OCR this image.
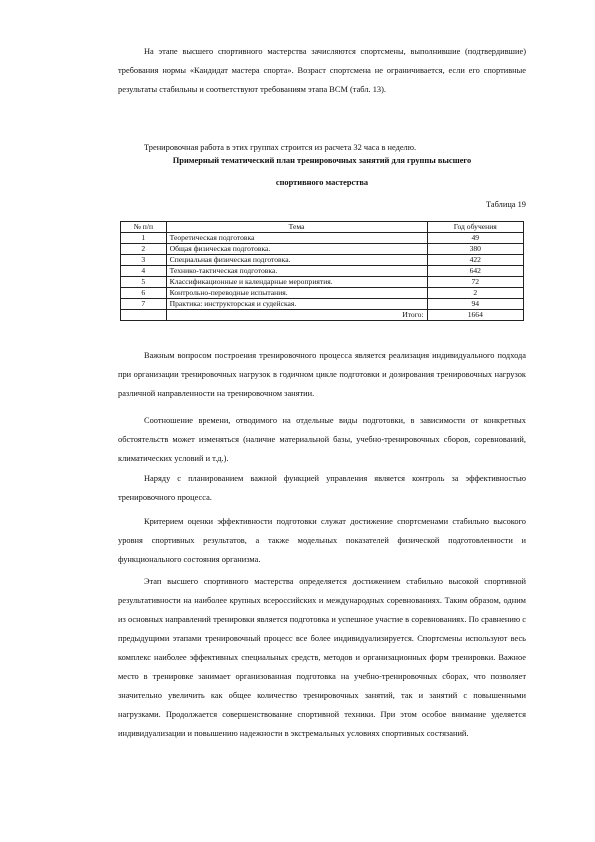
На этапе высшего спортивного мастерства зачисляются спортсмены, выполнившие (подтвердившие) требования нормы «Кандидат мастера спорта». Возраст спортсмена не ограничивается, если его спортивные результаты стабильны и соответствуют требованиям этапа ВСМ (табл. 13).
Тренировочная работа в этих группах строится из расчета 32 часа в неделю.
Примерный тематический план тренировочных занятий для группы высшего
спортивного мастерства
Таблица 19
№ п/п	Тема	Год обучения
1	Теоретическая подготовка	49
2	Общая физическая подготовка.	380
3	Специальная физическая подготовка.	422
4	Технико-тактическая подготовка.	642
5	Классификационные и календарные мероприятия.	72
6	Контрольно-переводные испытания.	2
7	Практика: инструкторская и судейская.	94
	Итого:	1664
Важным вопросом построения тренировочного процесса является реализация индивидуального подхода при организации тренировочных нагрузок в годичном цикле подготовки и дозирования тренировочных нагрузок различной направленности на тренировочном занятии.
Соотношение времени, отводимого на отдельные виды подготовки, в зависимости от конкретных обстоятельств может изменяться (наличие материальной базы, учебно-тренировочных сборов, соревнований, климатических условий и т.д.).
Наряду с планированием важной функцией управления является контроль за эффективностью тренировочного процесса.
Критерием оценки эффективности подготовки служат достижение спортсменами стабильно высокого уровня спортивных результатов, а также модельных показателей физической подготовленности и функционального состояния организма.
Этап высшего спортивного мастерства определяется достижением стабильно высокой спортивной результативности на наиболее крупных всероссийских и международных соревнованиях. Таким образом, одним из основных направлений тренировки является подготовка и успешное участие в соревнованиях. По сравнению с предыдущими этапами тренировочный процесс все более индивидуализируется. Спортсмены используют весь комплекс наиболее эффективных специальных средств, методов и организационных форм тренировки. Важное место в тренировке занимает организованная подготовка на учебно-тренировочных сборах, что позволяет значительно увеличить как общее количество тренировочных занятий, так и занятий с повышенными нагрузками. Продолжается совершенствование спортивной техники. При этом особое внимание уделяется индивидуализации и повышению надежности в экстремальных условиях спортивных состязаний.
